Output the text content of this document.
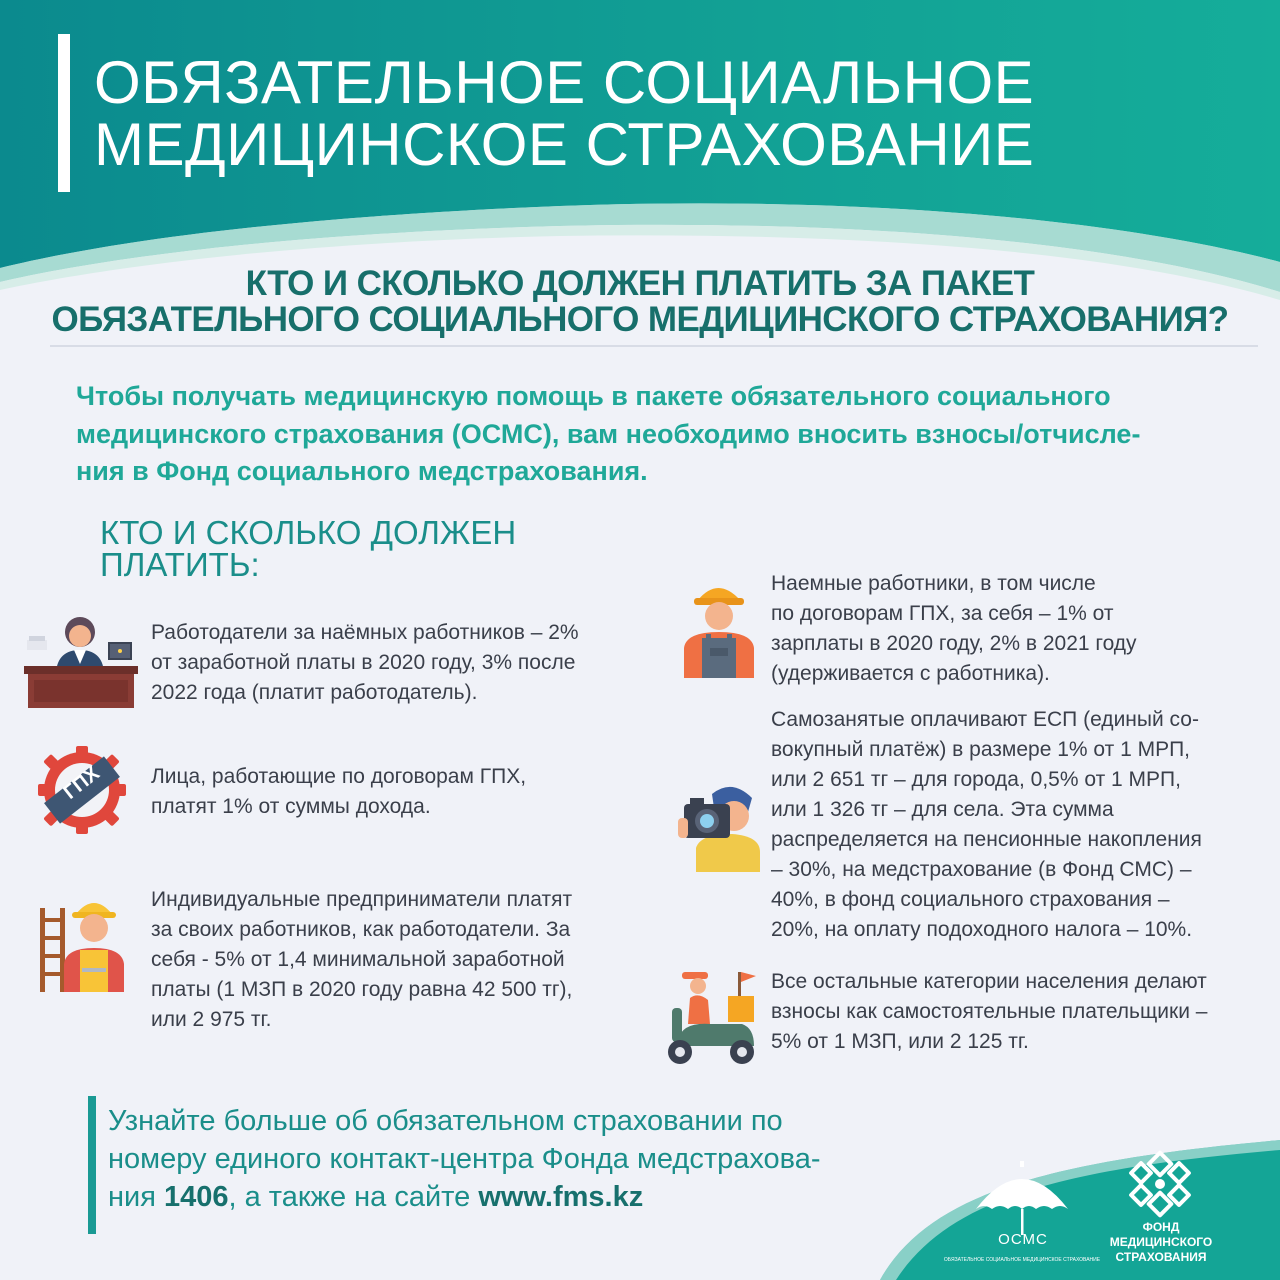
ОБЯЗАТЕЛЬНОЕ СОЦИАЛЬНОЕ
МЕДИЦИНСКОЕ СТРАХОВАНИЕ
КТО И СКОЛЬКО ДОЛЖЕН ПЛАТИТЬ ЗА ПАКЕТ
ОБЯЗАТЕЛЬНОГО СОЦИАЛЬНОГО МЕДИЦИНСКОГО СТРАХОВАНИЯ?
Чтобы получать медицинскую помощь в пакете обязательного социального
медицинского страхования (ОСМС), вам необходимо вносить взносы/отчисле-
ния в Фонд социального медстрахования.
КТО И СКОЛЬКО ДОЛЖЕН
ПЛАТИТЬ:
Работодатели за наёмных работников – 2%
от заработной платы в 2020 году, 3% после
2022 года (платит работодатель).
ГПХ	Лица, работающие по договорам ГПХ,
платят 1% от суммы дохода.
Индивидуальные предприниматели платят
за своих работников, как работодатели. За
себя - 5% от 1,4 минимальной заработной
платы (1 МЗП в 2020 году равна 42 500 тг),
или 2 975 тг.
Наемные работники, в том числе
по договорам ГПХ, за себя – 1% от
зарплаты в 2020 году, 2% в 2021 году
(удерживается с работника).
Самозанятые оплачивают ЕСП (единый со-
вокупный платёж) в размере 1% от 1 МРП,
или 2 651 тг – для города, 0,5% от 1 МРП,
или 1 326 тг – для села. Эта сумма
распределяется на пенсионные накопления
– 30%, на медстрахование (в Фонд СМС) –
40%, в фонд социального страхования –
20%, на оплату подоходного налога – 10%.
Все остальные категории населения делают
взносы как самостоятельные плательщики –
5% от 1 МЗП, или 2 125 тг.
Узнайте больше об обязательном страховании по
номеру единого контакт-центра Фонда медстрахова-
ния 1406, а также на сайте www.fms.kz
ОБЯЗАТЕЛЬНОЕ СОЦИАЛЬНОЕ МЕДИЦИНСКОЕ СТРАХОВАНИЕ
ОСМС
ФОНД
МЕДИЦИНСКОГО
СТРАХОВАНИЯ
